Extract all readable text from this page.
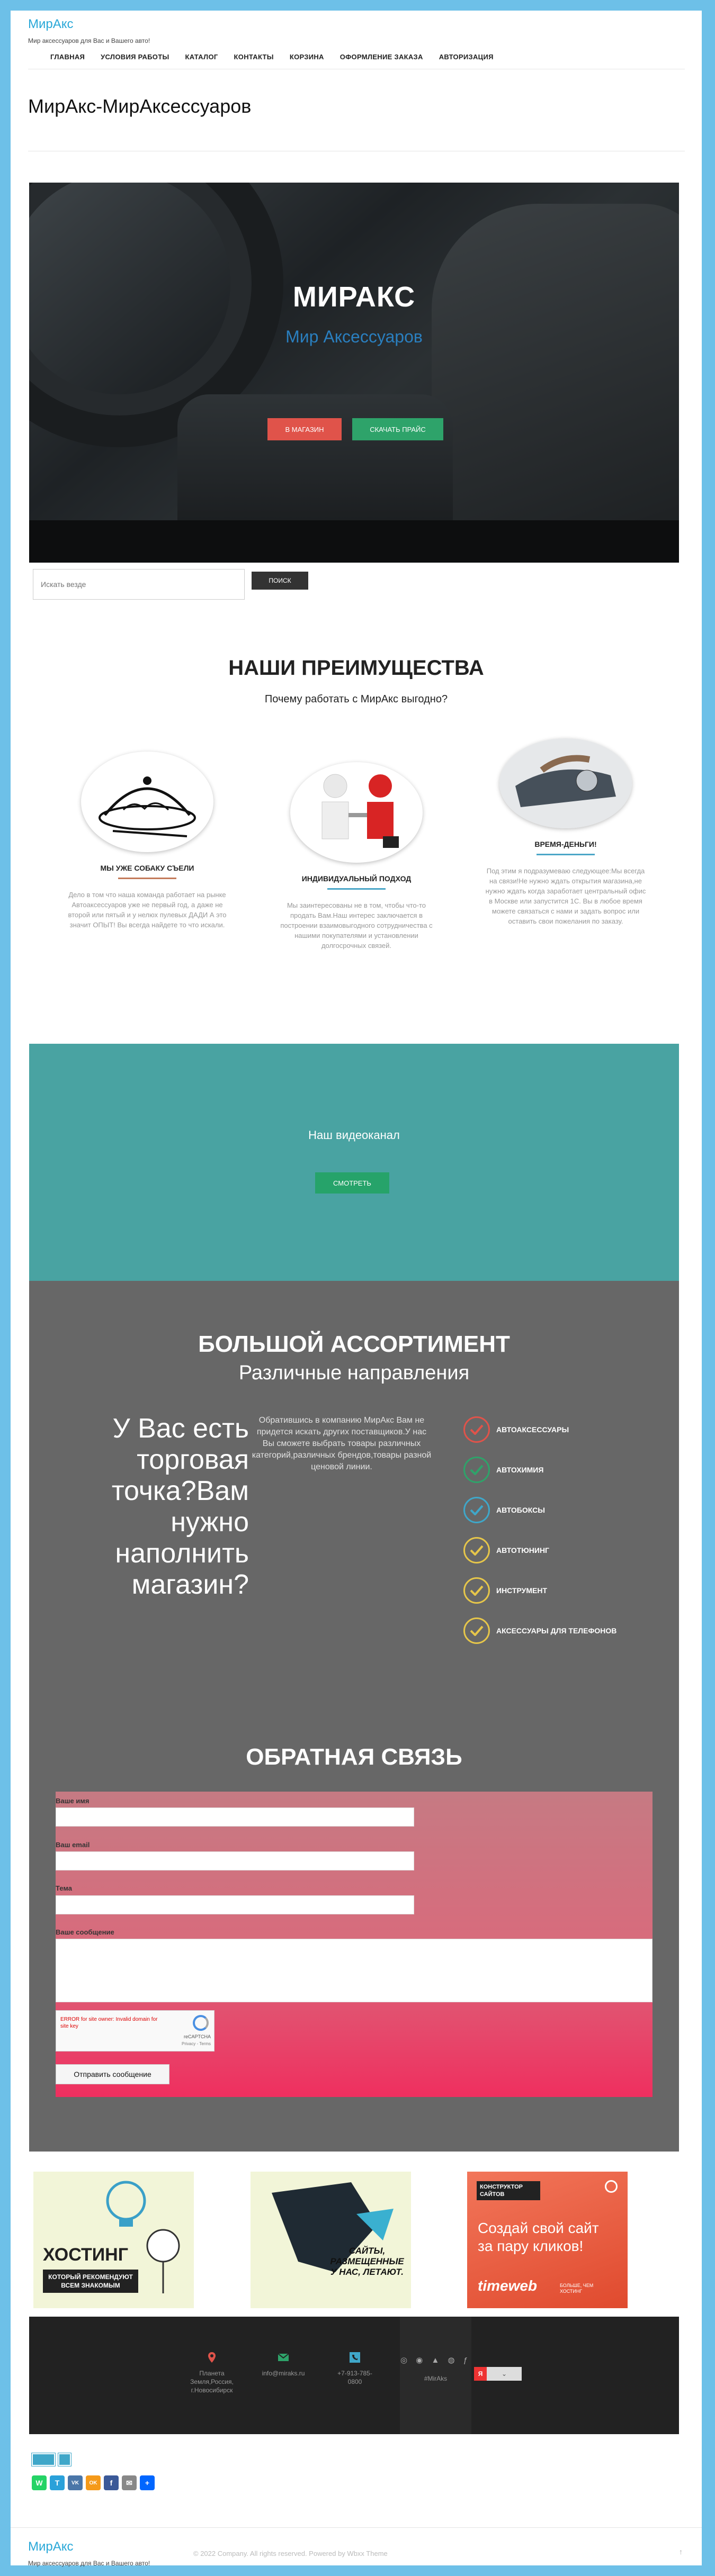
МирАкс
Мир аксессуаров для Вас и Вашего авто!
ГЛАВНАЯ УСЛОВИЯ РАБОТЫ КАТАЛОГ КОНТАКТЫ КОРЗИНА ОФОРМЛЕНИЕ ЗАКАЗА АВТОРИЗАЦИЯ
МирАкс-МирАксессуаров
МИРАКС
Мир Аксессуаров
В МАГАЗИН	СКАЧАТЬ ПРАЙС
Искать везде
ПОИСК
НАШИ ПРЕИМУЩЕСТВА
Почему работать с МирАкс выгодно?
МЫ УЖЕ СОБАКУ СЪЕЛИ
Дело в том что наша команда работает на рынке Автоаксессуаров уже не первый год, а даже не второй или пятый и у нелюх пулевых ДАДИ А это значит ОПЫТ! Вы всегда найдете то что искали.
ИНДИВИДУАЛЬНЫЙ ПОДХОД
Мы заинтересованы не в том, чтобы что-то продать Вам.Наш интерес заключается в построении взаимовыгодного сотрудничества с нашими покупателями и установлении долгосрочных связей.
ВРЕМЯ-ДЕНЬГИ!
Под этим я подразумеваю следующее:Мы всегда на связи!Не нужно ждать открытия магазина,не нужно ждать когда заработает центральный офис в Москве или запустится 1С. Вы в любое время можете связаться с нами и задать вопрос или оставить свои пожелания по заказу.
Наш видеоканал
СМОТРЕТЬ
БОЛЬШОЙ АССОРТИМЕНТ
Различные направления
У Вас есть торговая точка?Вам нужно наполнить магазин?
Обратившись в компанию МирАкс Вам не придется искать других поставщиков.У нас Вы сможете выбрать товары различных категорий,различных брендов,товары разной ценовой линии.
АВТОАКСЕССУАРЫ
АВТОХИМИЯ
АВТОБОКСЫ
АВТОТЮНИНГ
ИНСТРУМЕНТ
АКСЕССУАРЫ ДЛЯ ТЕЛЕФОНОВ
ОБРАТНАЯ СВЯЗЬ
Ваше имя
Ваш email
Тема
Ваше сообщение
ERROR for site owner: Invalid domain for site key
reCAPTCHA
Privacy - Terms
Отправить сообщение
ХОСТИНГ
КОТОРЫЙ РЕКОМЕНДУЮТ ВСЕМ ЗНАКОМЫМ
САЙТЫ, РАЗМЕЩЕННЫЕ У НАС, ЛЕТАЮТ.
КОНСТРУКТОР САЙТОВ
Создай свой сайт за пару кликов!
timeweb	БОЛЬШЕ, ЧЕМ ХОСТИНГ
Планета Земля,Россия, г.Новосибирск
info@miraks.ru	+7-913-785-0800
◎ ◉ ▲ ◍ ƒ
#MirAks
Я	⌄
W	T	VK	OK	f	✉	+
МирАкс
Мир аксессуаров для Вас и Вашего авто!
© 2022 Company. All rights reserved. Powered by Wbxx Theme	↑
